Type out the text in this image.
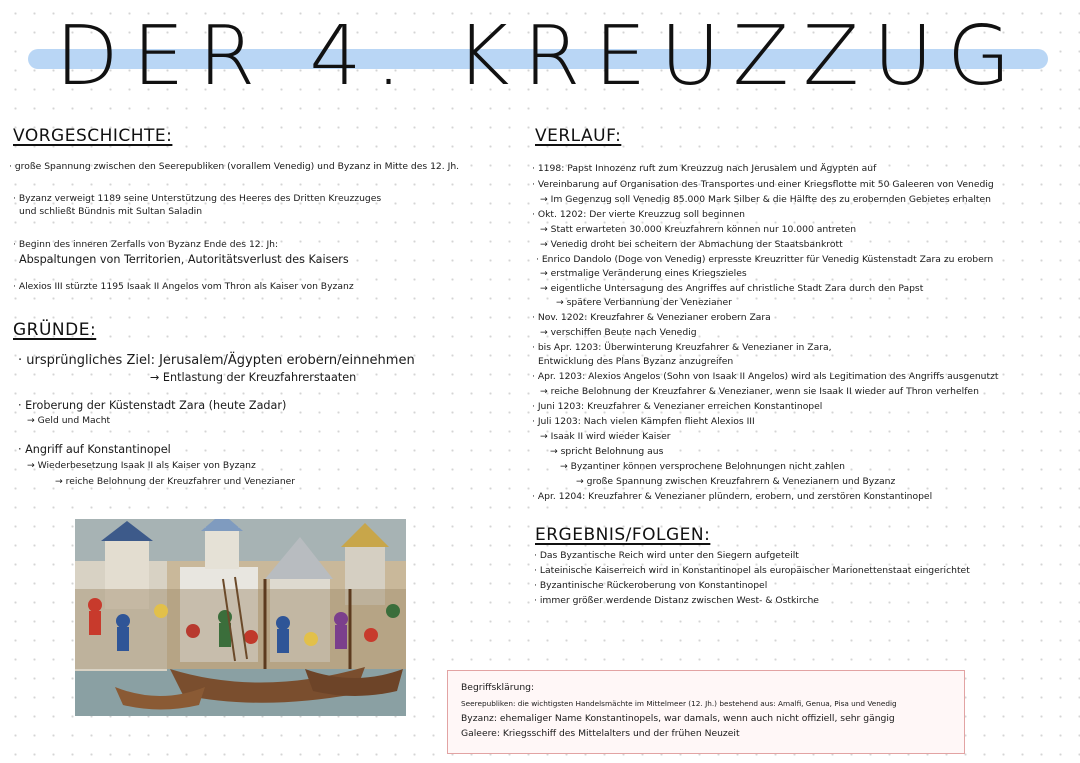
DER 4. KREUZZUG
VORGESCHICHTE:
· große Spannung zwischen den Seerepubliken (vorallem Venedig) und Byzanz in Mitte des 12. Jh.
· Byzanz verweigt 1189 seine Unterstützung des Heeres des Dritten Kreuzzuges
und schließt Bündnis mit Sultan Saladin
· Beginn des inneren Zerfalls von Byzanz Ende des 12. Jh:
Abspaltungen von Territorien, Autoritätsverlust des Kaisers
· Alexios III stürzte 1195 Isaak II Angelos vom Thron als Kaiser von Byzanz
GRÜNDE:
· ursprüngliches Ziel: Jerusalem/Ägypten erobern/einnehmen
→ Entlastung der Kreuzfahrerstaaten
· Eroberung der Küstenstadt Zara (heute Zadar)
→ Geld und Macht
· Angriff auf Konstantinopel
→ Wiederbesetzung Isaak II als Kaiser von Byzanz
→ reiche Belohnung der Kreuzfahrer und Venezianer
VERLAUF:
· 1198: Papst Innozenz ruft zum Kreuzzug nach Jerusalem und Ägypten auf
· Vereinbarung auf Organisation des Transportes und einer Kriegsflotte mit 50 Galeeren von Venedig
→ Im Gegenzug soll Venedig 85.000 Mark Silber & die Hälfte des zu erobernden Gebietes erhalten
· Okt. 1202: Der vierte Kreuzzug soll beginnen
→ Statt erwarteten 30.000 Kreuzfahrern können nur 10.000 antreten
→ Venedig droht bei scheitern der Abmachung der Staatsbankrott
· Enrico Dandolo (Doge von Venedig) erpresste Kreuzritter für Venedig Küstenstadt Zara zu erobern
→ erstmalige Veränderung eines Kriegszieles
→ eigentliche Untersagung des Angriffes auf christliche Stadt Zara durch den Papst
→ spätere Verbannung der Venezianer
· Nov. 1202: Kreuzfahrer & Venezianer erobern Zara
→ verschiffen Beute nach Venedig
· bis Apr. 1203: Überwinterung Kreuzfahrer & Venezianer in Zara,
Entwicklung des Plans Byzanz anzugreifen
· Apr. 1203: Alexios Angelos (Sohn von Isaak II Angelos) wird als Legitimation des Angriffs ausgenutzt
→ reiche Belohnung der Kreuzfahrer & Venezianer, wenn sie Isaak II wieder auf Thron verhelfen
· Juni 1203: Kreuzfahrer & Venezianer erreichen Konstantinopel
· Juli 1203: Nach vielen Kämpfen flieht Alexios III
→ Isaak II wird wieder Kaiser
→ spricht Belohnung aus
→ Byzantiner können versprochene Belohnungen nicht zahlen
→ große Spannung zwischen Kreuzfahrern & Venezianern und Byzanz
· Apr. 1204: Kreuzfahrer & Venezianer plündern, erobern, und zerstören Konstantinopel
ERGEBNIS/FOLGEN:
· Das Byzantische Reich wird unter den Siegern aufgeteilt
· Lateinische Kaiserreich wird in Konstantinopel als europäischer Marionettenstaat eingerichtet
· Byzantinische Rückeroberung von Konstantinopel
· immer größer werdende Distanz zwischen West- & Ostkirche
Begriffsklärung:
Seerepubliken: die wichtigsten Handelsmächte im Mittelmeer (12. Jh.) bestehend aus: Amalfi, Genua, Pisa und Venedig
Byzanz: ehemaliger Name Konstantinopels, war damals, wenn auch nicht offiziell, sehr gängig
Galeere: Kriegsschiff des Mittelalters und der frühen Neuzeit
